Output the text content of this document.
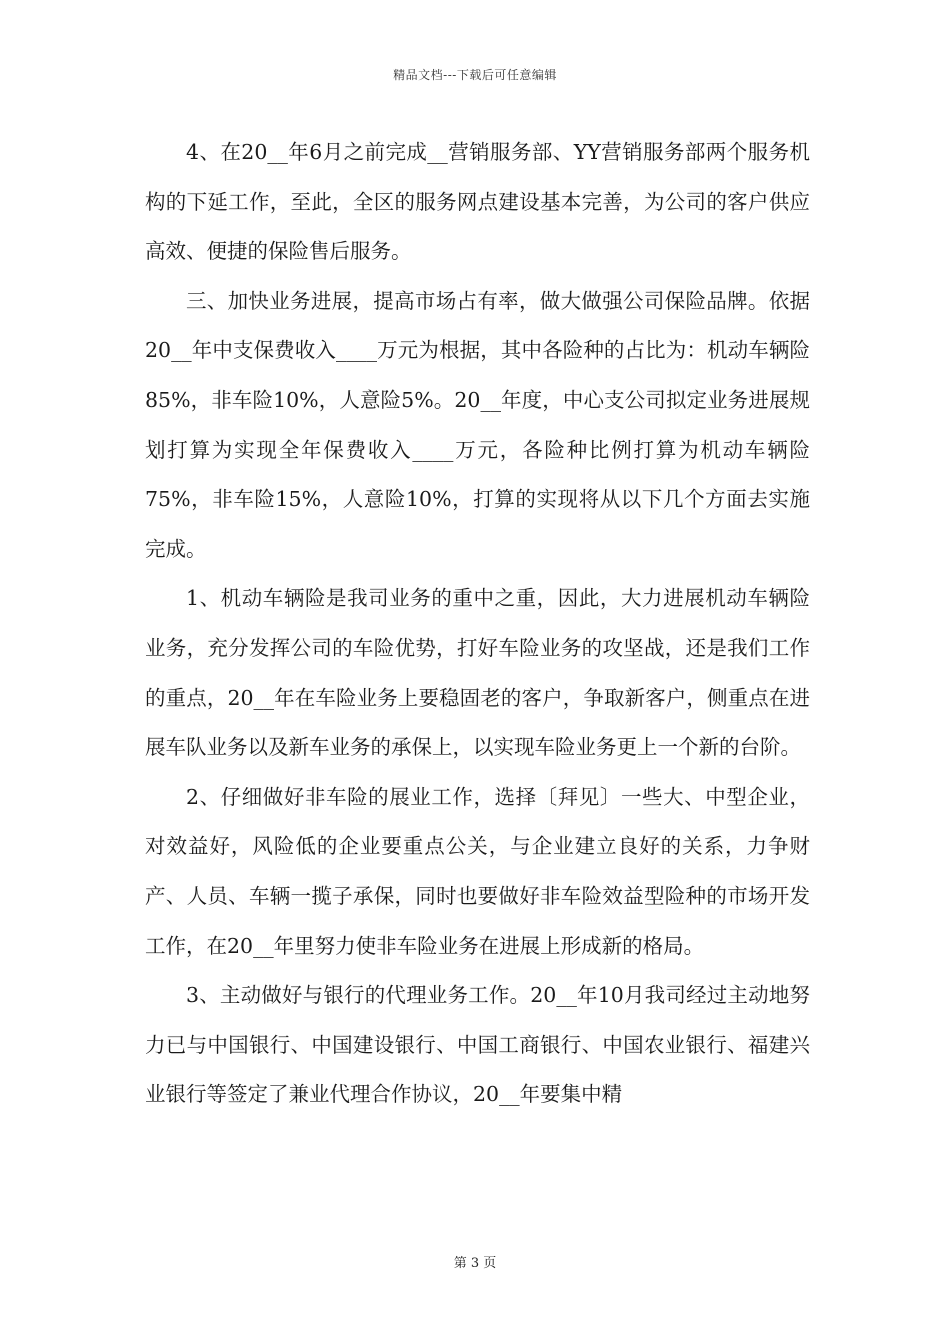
精品文档---下载后可任意编辑

4、在20__年6月之前完成__营销服务部、YY营销服务部两个服务机构的下延工作，至此，全区的服务网点建设基本完善，为公司的客户供应高效、便捷的保险售后服务。

三、加快业务进展，提高市场占有率，做大做强公司保险品牌。依据20__年中支保费收入____万元为根据，其中各险种的占比为：机动车辆险85%，非车险10%，人意险5%。20__年度，中心支公司拟定业务进展规划打算为实现全年保费收入____万元，各险种比例打算为机动车辆险75%，非车险15%，人意险10%，打算的实现将从以下几个方面去实施完成。

1、机动车辆险是我司业务的重中之重，因此，大力进展机动车辆险业务，充分发挥公司的车险优势，打好车险业务的攻坚战，还是我们工作的重点，20__年在车险业务上要稳固老的客户，争取新客户，侧重点在进展车队业务以及新车业务的承保上，以实现车险业务更上一个新的台阶。

2、仔细做好非车险的展业工作，选择〔拜见〕一些大、中型企业，对效益好，风险低的企业要重点公关，与企业建立良好的关系，力争财产、人员、车辆一揽子承保，同时也要做好非车险效益型险种的市场开发工作，在20__年里努力使非车险业务在进展上形成新的格局。

3、主动做好与银行的代理业务工作。20__年10月我司经过主动地努力已与中国银行、中国建设银行、中国工商银行、中国农业银行、福建兴业银行等签定了兼业代理合作协议，20__年要集中精

第 3 页
